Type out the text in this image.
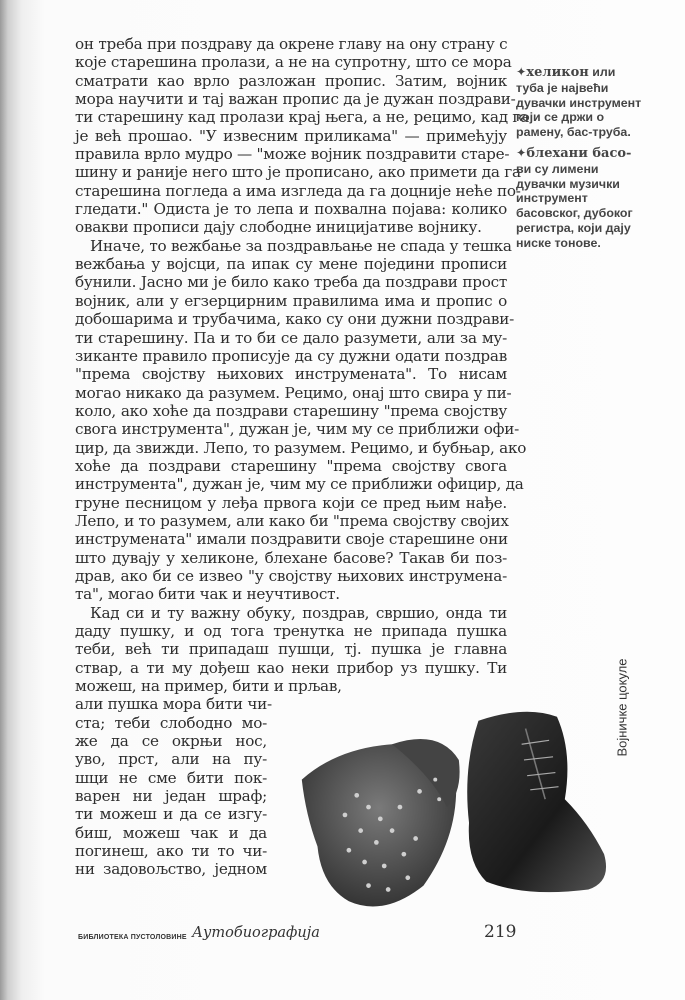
он треба при поздраву да окрене главу на ону страну с
које старешина пролази, а не на супротну, што се мора
сматрати као врло разложан пропис. Затим, војник
мора научити и тај важан пропис да је дужан поздрави-
ти старешину кад пролази крај њега, а не, рецимо, кад га
је већ прошао. "У извесним приликама" — примећују
правила врло мудро — "може војник поздравити старе-
шину и раније него што је прописано, ако примети да га
старешина погледа а има изгледа да га доцније неће по-
гледати." Одиста је то лепа и похвална појава: колико
овакви прописи дају слободне иницијативе војнику.
Иначе, то вежбање за поздрављање не спада у тешка
вежбања у војсци, па ипак су мене поједини прописи
бунили. Јасно ми је било како треба да поздрави прост
војник, али у егзерцирним правилима има и пропис о
добошарима и трубачима, како су они дужни поздрави-
ти старешину. Па и то би се дало разумети, али за му-
зиканте правило прописује да су дужни одати поздрав
"према својству њихових инструмената". То нисам
могао никако да разумем. Рецимо, онај што свира у пи-
коло, ако хоће да поздрави старешину "према својству
свога инструмента", дужан је, чим му се приближи офи-
цир, да звижди. Лепо, то разумем. Рецимо, и бубњар, ако
хоће да поздрави старешину "према својству свога
инструмента", дужан је, чим му се приближи официр, да
груне песницом у леђа првога који се пред њим нађе.
Лепо, и то разумем, али како би "према својству својих
инструмената" имали поздравити своје старешине они
што дувају у хеликоне, блехане басове? Такав би поз-
драв, ако би се извео "у својству њихових инструмена-
та", могао бити чак и неучтивост.
Кад си и ту важну обуку, поздрав, свршио, онда ти
даду пушку, и од тога тренутка не припада пушка
теби, већ ти припадаш пушци, тј. пушка је главна
ствар, а ти му дођеш као неки прибор уз пушку. Ти
можеш, на пример, бити и прљав,
али пушка мора бити чи-
ста; теби слободно мо-
же да се окрњи нос,
уво, прст, али на пу-
шци не сме бити пок-
варен ни један шраф;
ти можеш и да се изгу-
биш, можеш чак и да
погинеш, ако ти то чи-
ни задовољство, једном
✦хеликон или туба је највећи дувачки инструмент који се држи о рамену, бас-труба.
✦блехани басо-ви су лимени дувачки музички инструмент басовског, дубоког регистра, који дају ниске тонове.
Војничке цокуле
БИБЛИОТЕКА ПУСТОЛОВИНЕ Аутобиографија	219
